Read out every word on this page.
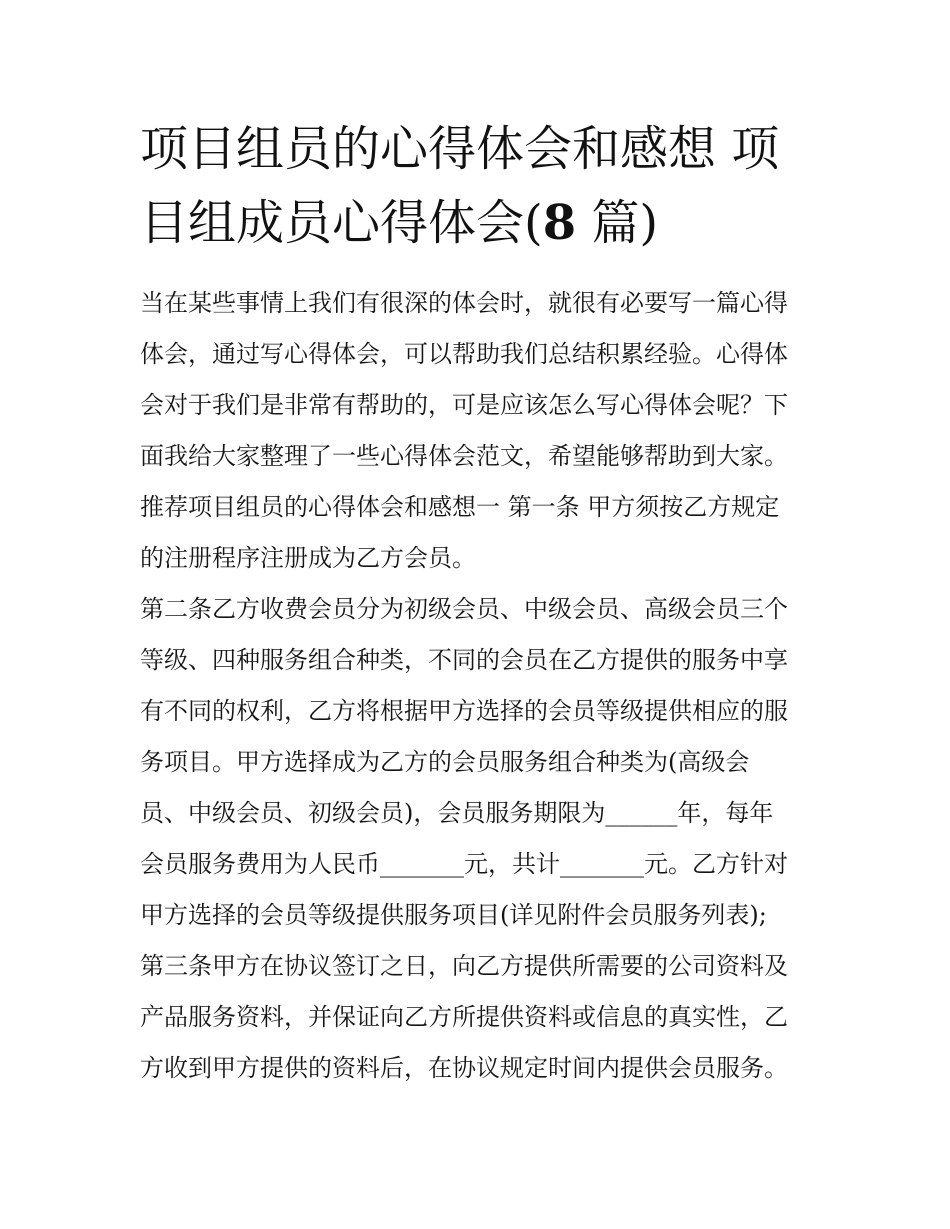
项目组员的心得体会和感想 项
目组成员心得体会(8 篇)
当在某些事情上我们有很深的体会时，就很有必要写一篇心得
体会，通过写心得体会，可以帮助我们总结积累经验。心得体
会对于我们是非常有帮助的，可是应该怎么写心得体会呢？下
面我给大家整理了一些心得体会范文，希望能够帮助到大家。
推荐项目组员的心得体会和感想一 第一条 甲方须按乙方规定
的注册程序注册成为乙方会员。
第二条乙方收费会员分为初级会员、中级会员、高级会员三个
等级、四种服务组合种类，不同的会员在乙方提供的服务中享
有不同的权利，乙方将根据甲方选择的会员等级提供相应的服
务项目。甲方选择成为乙方的会员服务组合种类为(高级会
员、中级会员、初级会员)，会员服务期限为______年，每年
会员服务费用为人民币_______元，共计_______元。乙方针对
甲方选择的会员等级提供服务项目(详见附件会员服务列表);
第三条甲方在协议签订之日，向乙方提供所需要的公司资料及
产品服务资料，并保证向乙方所提供资料或信息的真实性，乙
方收到甲方提供的资料后，在协议规定时间内提供会员服务。
